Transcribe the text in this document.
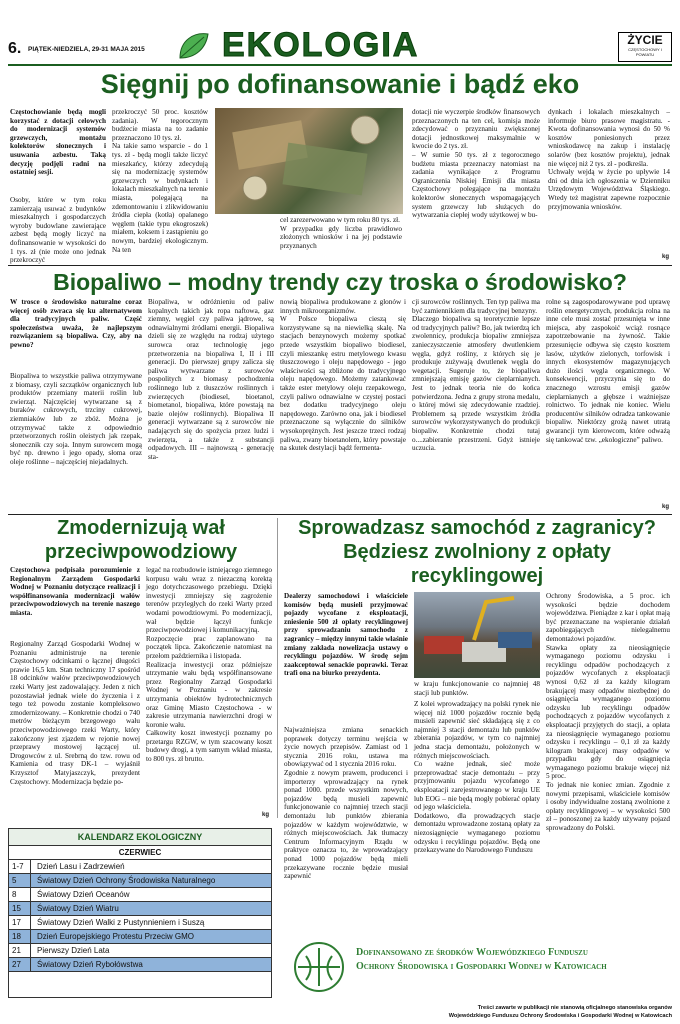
6. PIĄTEK-NIEDZIELA, 29-31 MAJA 2015 EKOLOGIA	ŻYCIE
CZĘSTOCHOWY I POWIATU
Sięgnij po dofinansowanie i bądź eko
Częstochowianie będą mogli korzystać z dotacji celowych do modernizacji systemów grzewczych, montażu kolektorów słonecznych i usuwania azbestu. Taką decyzję podjęli radni na ostatniej sesji.
Osoby, które w tym roku zamierzają usuwać z budynków mieszkalnych i gospodarczych wyroby budowlane zawierające azbest będą mogły liczyć na dofinansowanie w wysokości do 1 tys. zł (nie może ono jednak przekroczyć
przekroczyć 50 proc. kosztów zadania). W tegorocznym budżecie miasta na to zadanie przeznaczono 10 tys. zł.
Na takie samo wsparcie - do 1 tys. zł - będą mogli także liczyć mieszkańcy, którzy zdecydują się na modernizację systemów grzewczych w budynkach i lokalach mieszkalnych na terenie miasta, polegającą na zdemontowaniu i zlikwidowaniu źródła ciepła (kotła) opalanego węglem (takie typu ekogroszek) miałem, koksem i zastąpieniu go nowym, bardziej ekologicznym. Na ten
cel zarezerwowano w tym roku 80 tys. zł.
W przypadku gdy liczba prawidłowo złożonych wniosków i na jej podstawie przyznanych
dotacji nie wyczerpie środków finansowych przeznaczonych na ten cel, komisja może zdecydować o przyznaniu zwiększonej dotacji jednostkowej maksymalnie w kwocie do 2 tys. zł.
– W sumie 50 tys. zł z tegorocznego budżetu miasta przeznaczy natomiast na zadania wynikające z Programu Ograniczenia Niskiej Emisji dla miasta Częstochowy polegające na montażu kolektorów słonecznych wspomagających system grzewczy lub służących do wytwarzania ciepłej wody użytkowej w bu-
dynkach i lokalach mieszkalnych – informuje biuro prasowe magistratu. - Kwota dofinansowania wynosi do 50 % kosztów poniesionych przez wnioskodawcę na zakup i instalację solarów (bez kosztów projektu), jednak nie więcej niż 2 tys. zł - podkreśla.
Uchwały wejdą w życie po upływie 14 dni od dnia ich ogłoszenia w Dzienniku Urzędowym Województwa Śląskiego. Wtedy też magistrat zapewne rozpocznie przyjmowania wniosków.
kg
Biopaliwo – modny trendy czy troska o środowisko?
W trosce o środowisko naturalne coraz więcej osób zwraca się ku alternatywom dla tradycyjnych paliw. Część społeczeństwa uważa, że najlepszym rozwiązaniem są biopaliwa. Czy, aby na pewno?
Biopaliwa to wszystkie paliwa otrzymywane z biomasy, czyli szczątków organicznych lub produktów przemiany materii roślin lub zwierząt. Najczęściej wytwarzane są z buraków cukrowych, trzciny cukrowej, ziemniaków lub ze zbóż. Można je otrzymywać także z odpowiednio przetworzonych roślin oleistych jak rzepak, słonecznik czy soja. Innym surowcem mogą być np. drewno i jego opady, słoma oraz oleje roślinne – najczęściej niejadalnych.
Biopaliwa, w odróżnieniu od paliw kopalnych takich jak ropa naftowa, gaz ziemny, węgiel czy paliwa jądrowe, są odnawialnymi źródłami energii. Biopaliwa dzieli się ze względu na rodzaj użytego surowca oraz technologię jego przetworzenia na biopaliwa I, II i III generacji. Do pierwszej grupy zalicza się paliwa wytwarzane z surowców pospolitych z biomasy pochodzenia roślinnego lub z tłuszczów roślinnych i zwierzęcych (biodiesel, bioetanol, biometanol, biopaliwa, które powstają na bazie olejów roślinnych). Biopaliwa II generacji wytwarzane są z surowców nie nadających się do spożycia przez ludzi i zwierzęta, a także z substancji odpadowych. III – najnowszą - generację sta-
nowią biopaliwa produkowane z glonów i innych mikroorganizmów.
W Polsce biopaliwa cieszą się korzystywane są na niewielką skalę. Na stacjach benzynowych możemy spotkać przede wszystkim biopaliwo biodiesel, czyli mieszankę estru metylowego kwasu tłuszczowego i oleju napędowego - jego właściwości są zbliżone do tradycyjnego oleju napędowego. Możemy zatankować także ester metylowy oleju rzepakowego, czyli paliwo odnawialne w czystej postaci bez dodatku tradycyjnego oleju napędowego. Zarówno ona, jak i biodiesel przeznaczone są wyłącznie do silników wysokoprężnych. Jest jeszcze trzeci rodzaj paliwa, zwany bioetanolem, który powstaje na skutek destylacji bądź fermenta-
cji surowców roślinnych. Ten typ paliwa ma być zamiennikiem dla tradycyjnej benzyny.
Dlaczego biopaliwa są teoretycznie lepsze od tradycyjnych paliw? Bo, jak twierdzą ich zwolennicy, produkcja biopaliw zmniejsza zanieczyszczenie atmosfery dwutlenkiem węgla, gdyż rośliny, z których się je produkuje zużywają dwutlenek węgla do wegetacji. Sugeruje to, że biopaliwa zmniejszają emisję gazów cieplarnianych. Jest to jednak teoria nie do końca potwierdzona. Jedna z grupy strona medalu, o której mówi się zdecydowanie rzadziej. Problemem są przede wszystkim źródła surowców wykorzystywanych do produkcji biopaliw. Konkretnie chodzi tutaj o....zabieranie przestrzeni. Gdyż istnieje uczucia.
rolne są zagospodarowywane pod uprawę roślin energetycznych, produkcja rolna na inne cele musi zostać przesunięta w inne miejsca, aby zaspokoić wciąż rosnące zapotrzebowanie na żywność. Takie przesunięcie odbywa się często kosztem lasów, użytków zielonych, torfowisk i innych ekosystemów magazynujących dużo ilości węgla organicznego. W konsekwencji, przyczynia się to do znacznego wzrostu emisji gazów cieplarnianych a głębsze i ważniejsze rolnictwo. To jednak nie koniec. Wielu producentów silników odradza tankowanie biopaliw. Niektórzy grożą nawet utratą gwarancji tym kierowcom, które odważą się tankować tzw. „ekologiczne” paliwo.
kg
Zmodernizują wał przeciwpowodziowy
Częstochowa podpisała porozumienie z Regionalnym Zarządem Gospodarki Wodnej w Poznaniu dotyczące realizacji i współfinansowania modernizacji wałów przeciwpowodziowych na terenie naszego miasta.
Regionalny Zarząd Gospodarki Wodnej w Poznaniu administruje na terenie Częstochowy odcinkami o łącznej długości prawie 16,5 km. Stan techniczny 17 spośród 18 odcinków wałów przeciwpowodziowych rzeki Warty jest zadowalający. Jeden z nich pozostawiał jednak wiele do życzenia i z tego też powodu zostanie kompleksowo zmodernizowany. – Konkretnie chodzi o 740 metrów bieżącym brzegowego wału przeciwpowodziowego rzeki Warty, który zakończony jest zjazdem w rejonie nowej przeprawy mostowej łączącej ul. Drogowców z ul. Srebrną do tzw. rowu od Kamienia od trasy DK-1 – wyjaśnił Krzysztof Matyjaszczyk, prezydent Częstochowy. Modernizacja będzie po-
legać na rozbudowie istniejącego ziemnego korpusu wału wraz z niezaczną korektą jego dotychczasowego przebiegu. Dzięki inwestycji zmniejszy się zagrożenie terenów przyległych do rzeki Warty przed wodami powodziowymi. Po modernizacji, wał będzie łączył funkcje przeciwpowodziowej i komunikacyjną.
Rozpoczęcie prac zaplanowano na początek lipca. Zakończenie natomiast na przełom października i listopada.
Realizacja inwestycji oraz późniejsze utrzymanie wału będą współfinansowane przez Regionalny Zarząd Gospodarki Wodnej w Poznaniu - w zakresie utrzymania obiektów hydrotechnicznych oraz Gminę Miasto Częstochowa - w zakresie utrzymania nawierzchni drogi w koronie wału.
Całkowity koszt inwestycji poznamy po przetargu RZGW, w tym szacowany koszt budowy drogi, a tym samym wkład miasta, to 800 tys. zł brutto.
kg
Sprowadzasz samochód z zagranicy? Będziesz zwolniony z opłaty recyklingowej
Dealerzy samochodowi i właściciele komisów będą musieli przyjmować pojazdy wycofane z eksploatacji, zniesienie 500 zł opłaty recyklingowej przy sprowadzaniu samochodu z zagranicy – między innymi takie właśnie zmiany zakłada nowelizacja ustawy o recyklingu pojazdów. W środę sejm zaakceptował senackie poprawki. Teraz trafi ona na biurko prezydenta.
w kraju funkcjonowanie co najmniej 48 stacji lub punktów.
Najważniejsza zmiana senackich poprawek dotyczy terminu wejścia w życie nowych przepisów. Zamiast od 1 stycznia 2016 roku, ustawa ma obowiązywać od 1 stycznia 2016 roku.
Zgodnie z nowym prawem, producenci i importerzy wprowadzający na rynek ponad 1000. przede wszystkim nowych, pojazdów będą musieli zapewnić funkcjonowanie co najmniej trzech stacji demontażu lub punktów zbierania pojazdów w każdym województwie, w różnych miejscowościach. Jak tłumaczy Centrum Informacyjnym Rządu w praktyce oznacza to, że wprowadzający ponad 1000 pojazdów będą mieli przekazywane rocznie będzie musiał zapewnić
Z kolei wprowadzający na polski rynek nie więcej niż 1000 pojazdów rocznie będą musieli zapewnić sieć składającą się z co najmniej 3 stacji demontażu lub punktów zbierania pojazdów, w tym co najmniej jedna stacja demontażu, położonych w różnych miejscowościach.
Co ważne jednak, sieć może przeprowadzać stacje demontażu – przy przyjmowaniu pojazdu wycofanego z eksploatacji zarejestrowanego w kraju UE lub EOG – nie będą mogły pobierać opłaty od jego właściciela.
Dodatkowo, dla prowadzących stacje demontażu wprowadzone zostaną opłaty za niezosiągnięcie wymaganego poziomu odzysku i recyklingu pojazdów. Będą one przekazywane do Narodowego Funduszu
Ochrony Środowiska, a 5 proc. ich wysokości będzie dochodem województwa. Pieniądze z kar i opłat mają być przeznaczane na wspieranie działań zapobiegających nielegalnemu demontażowi pojazdów.
Stawka opłaty za nieosiągnięcie wymaganego poziomu odzysku i recyklingu odpadów pochodzących z pojazdów wycofanych z eksploatacji wynosi 0,62 zł za każdy kilogram brakującej masy odpadów niezbędnej do osiągnięcia wymaganego poziomu odzysku lub recyklingu odpadów pochodzących z pojazdów wycofanych z eksploatacji przyjętych do stacji, a opłata za nieosiągnięcie wymaganego poziomu odzysku i recyklingu – 0,1 zł za każdy kilogram brakującej masy odpadów w przypadku gdy do osiągnięcia wymaganego poziomu brakuje więcej niż 5 proc.
To jednak nie koniec zmian. Zgodnie z nowymi przepisami, właściciele komisów i osoby indywidualne zostaną zwolnione z opłaty recyklingowej – w wysokości 500 zł – ponoszonej za każdy używany pojazd sprowadzony do Polski.
KALENDARZ EKOLOGICZNY
CZERWIEC
1-7	Dzień Lasu i Zadrzewień
5	Światowy Dzień Ochrony Środowiska Naturalnego
8	Światowy Dzień Oceanów
15	Światowy Dzień Wiatru
17	Światowy Dzień Walki z Pustynnieniem i Suszą
18	Dzień Europejskiego Protestu Przeciw GMO
21	Pierwszy Dzień Lata
27	Światowy Dzień Rybołówstwa
Dofinansowano ze środków Wojewódzkiego Funduszu
Ochrony Środowiska i Gospodarki Wodnej w Katowicach
Treści zawarte w publikacji nie stanowią oficjalnego stanowiska organów
Wojewódzkiego Funduszu Ochrony Środowiska i Gospodarki Wodnej w Katowicach
